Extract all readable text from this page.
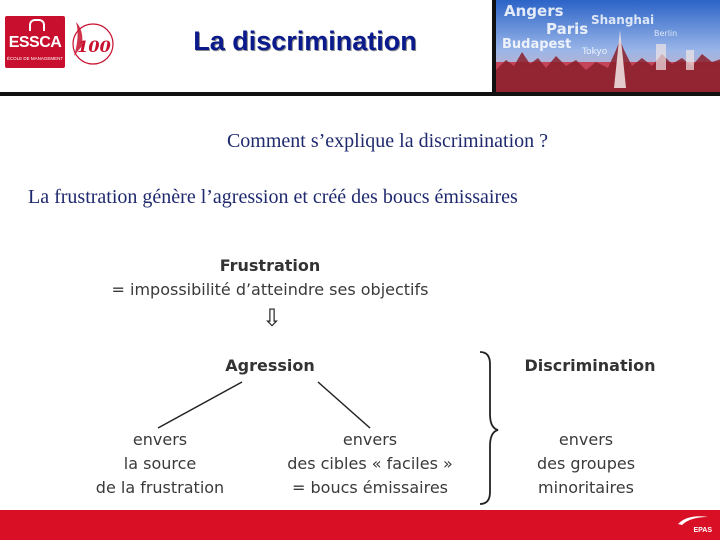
ESSCA
ÉCOLE DE MANAGEMENT
100	La discrimination
Angers Shanghai
Paris
Budapest Tokyo
Berlin

Comment s’explique la discrimination ?

La frustration génère l’agression et créé des boucs émissaires

Frustration
= impossibilité d’atteindre ses objectifs
⇩
Agression	Discrimination
envers
la source
de la frustration
envers
des cibles « faciles »
= boucs émissaires
envers
des groupes
minoritaires
EPAS
